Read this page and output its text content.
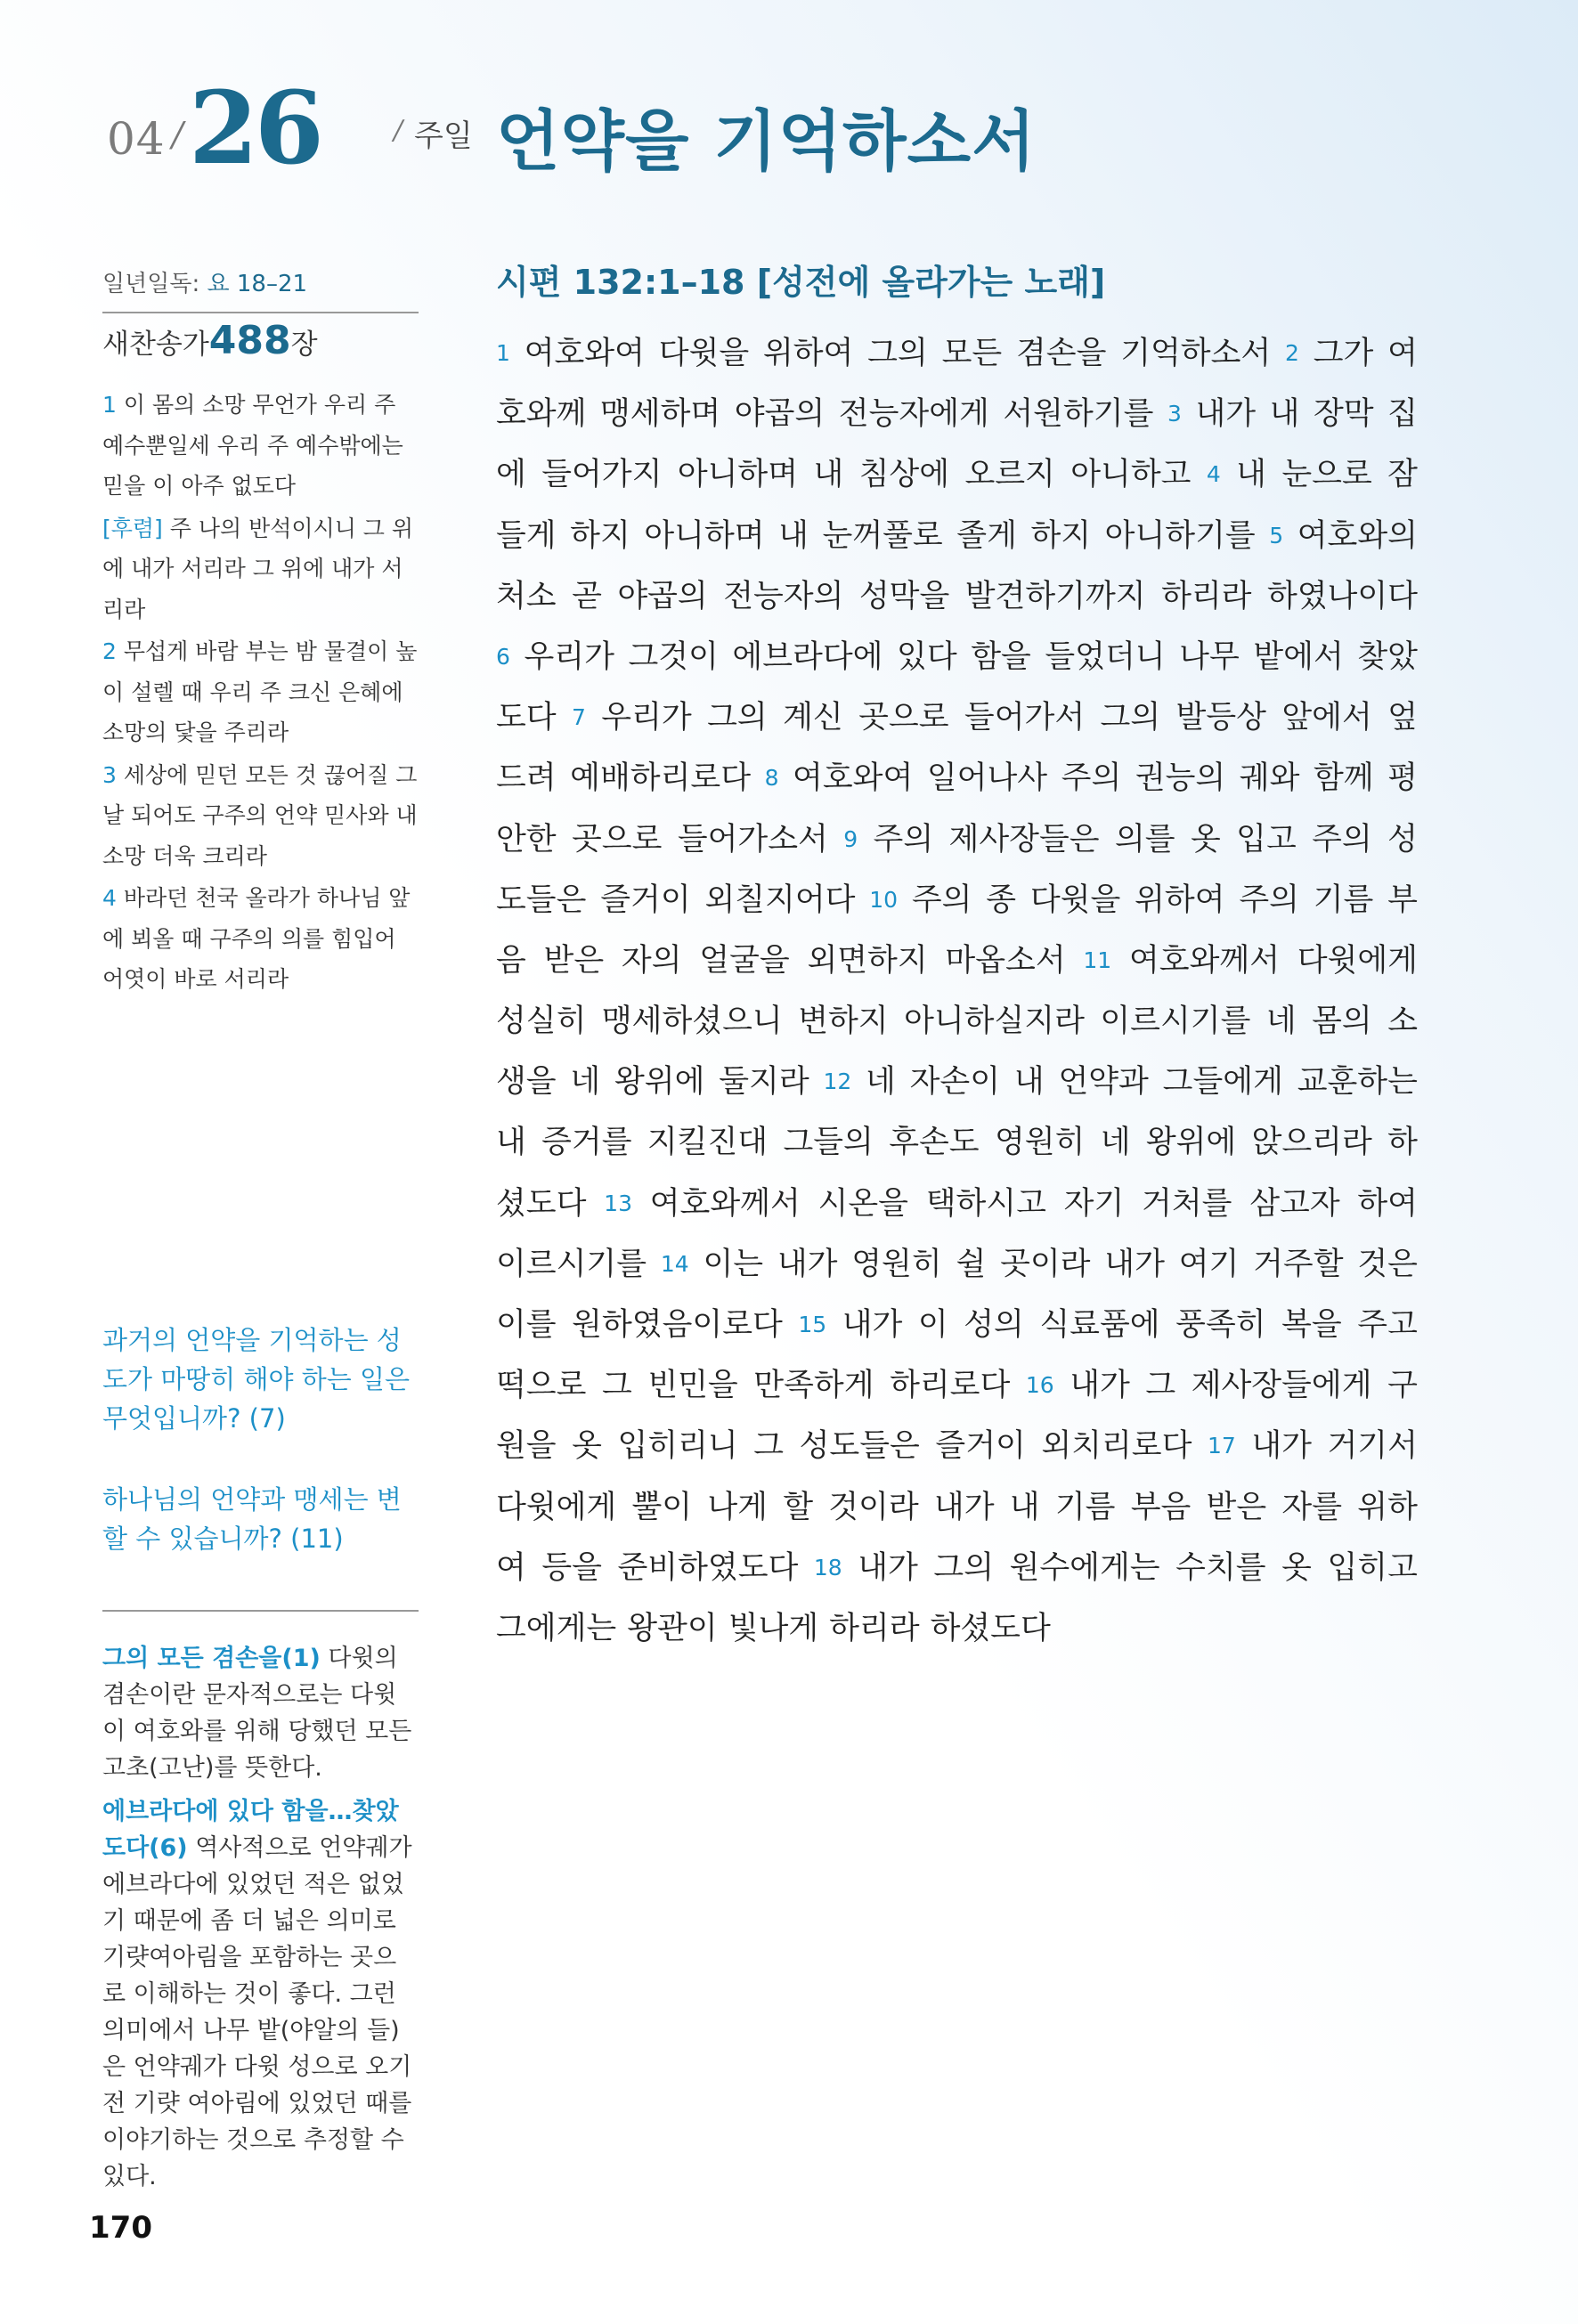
04 / 26	/ 주일 언약을 기억하소서
일년일독: 요 18–21
새찬송가488장

1 이 몸의 소망 무언가 우리 주 예수뿐일세 우리 주 예수밖에는 믿을 이 아주 없도다

[후렴] 주 나의 반석이시니 그 위에 내가 서리라 그 위에 내가 서리라

2 무섭게 바람 부는 밤 물결이 높이 설렐 때 우리 주 크신 은혜에 소망의 닻을 주리라

3 세상에 믿던 모든 것 끊어질 그날 되어도 구주의 언약 믿사와 내 소망 더욱 크리라

4 바라던 천국 올라가 하나님 앞에 뵈올 때 구주의 의를 힘입어 어엿이 바로 서리라

과거의 언약을 기억하는 성도가 마땅히 해야 하는 일은 무엇입니까? (7)
하나님의 언약과 맹세는 변할 수 있습니까? (11)

그의 모든 겸손을(1) 다윗의 겸손이란 문자적으로는 다윗이 여호와를 위해 당했던 모든 고초(고난)를 뜻한다.

에브라다에 있다 함을…찾았도다(6) 역사적으로 언약궤가 에브라다에 있었던 적은 없었기 때문에 좀 더 넓은 의미로 기럇여아림을 포함하는 곳으로 이해하는 것이 좋다. 그런 의미에서 나무 밭(야알의 들)은 언약궤가 다윗 성으로 오기 전 기럇 여아림에 있었던 때를 이야기하는 것으로 추정할 수 있다.

시편 132:1–18 [성전에 올라가는 노래]
1 여호와여 다윗을 위하여 그의 모든 겸손을 기억하소서 2 그가 여
호와께 맹세하며 야곱의 전능자에게 서원하기를 3 내가 내 장막 집
에 들어가지 아니하며 내 침상에 오르지 아니하고 4 내 눈으로 잠
들게 하지 아니하며 내 눈꺼풀로 졸게 하지 아니하기를 5 여호와의
처소 곧 야곱의 전능자의 성막을 발견하기까지 하리라 하였나이다
6 우리가 그것이 에브라다에 있다 함을 들었더니 나무 밭에서 찾았
도다 7 우리가 그의 계신 곳으로 들어가서 그의 발등상 앞에서 엎
드려 예배하리로다 8 여호와여 일어나사 주의 권능의 궤와 함께 평
안한 곳으로 들어가소서 9 주의 제사장들은 의를 옷 입고 주의 성
도들은 즐거이 외칠지어다 10 주의 종 다윗을 위하여 주의 기름 부
음 받은 자의 얼굴을 외면하지 마옵소서 11 여호와께서 다윗에게
성실히 맹세하셨으니 변하지 아니하실지라 이르시기를 네 몸의 소
생을 네 왕위에 둘지라 12 네 자손이 내 언약과 그들에게 교훈하는
내 증거를 지킬진대 그들의 후손도 영원히 네 왕위에 앉으리라 하
셨도다 13 여호와께서 시온을 택하시고 자기 거처를 삼고자 하여
이르시기를 14 이는 내가 영원히 쉴 곳이라 내가 여기 거주할 것은
이를 원하였음이로다 15 내가 이 성의 식료품에 풍족히 복을 주고
떡으로 그 빈민을 만족하게 하리로다 16 내가 그 제사장들에게 구
원을 옷 입히리니 그 성도들은 즐거이 외치리로다 17 내가 거기서
다윗에게 뿔이 나게 할 것이라 내가 내 기름 부음 받은 자를 위하
여 등을 준비하였도다 18 내가 그의 원수에게는 수치를 옷 입히고
그에게는 왕관이 빛나게 하리라 하셨도다
170
